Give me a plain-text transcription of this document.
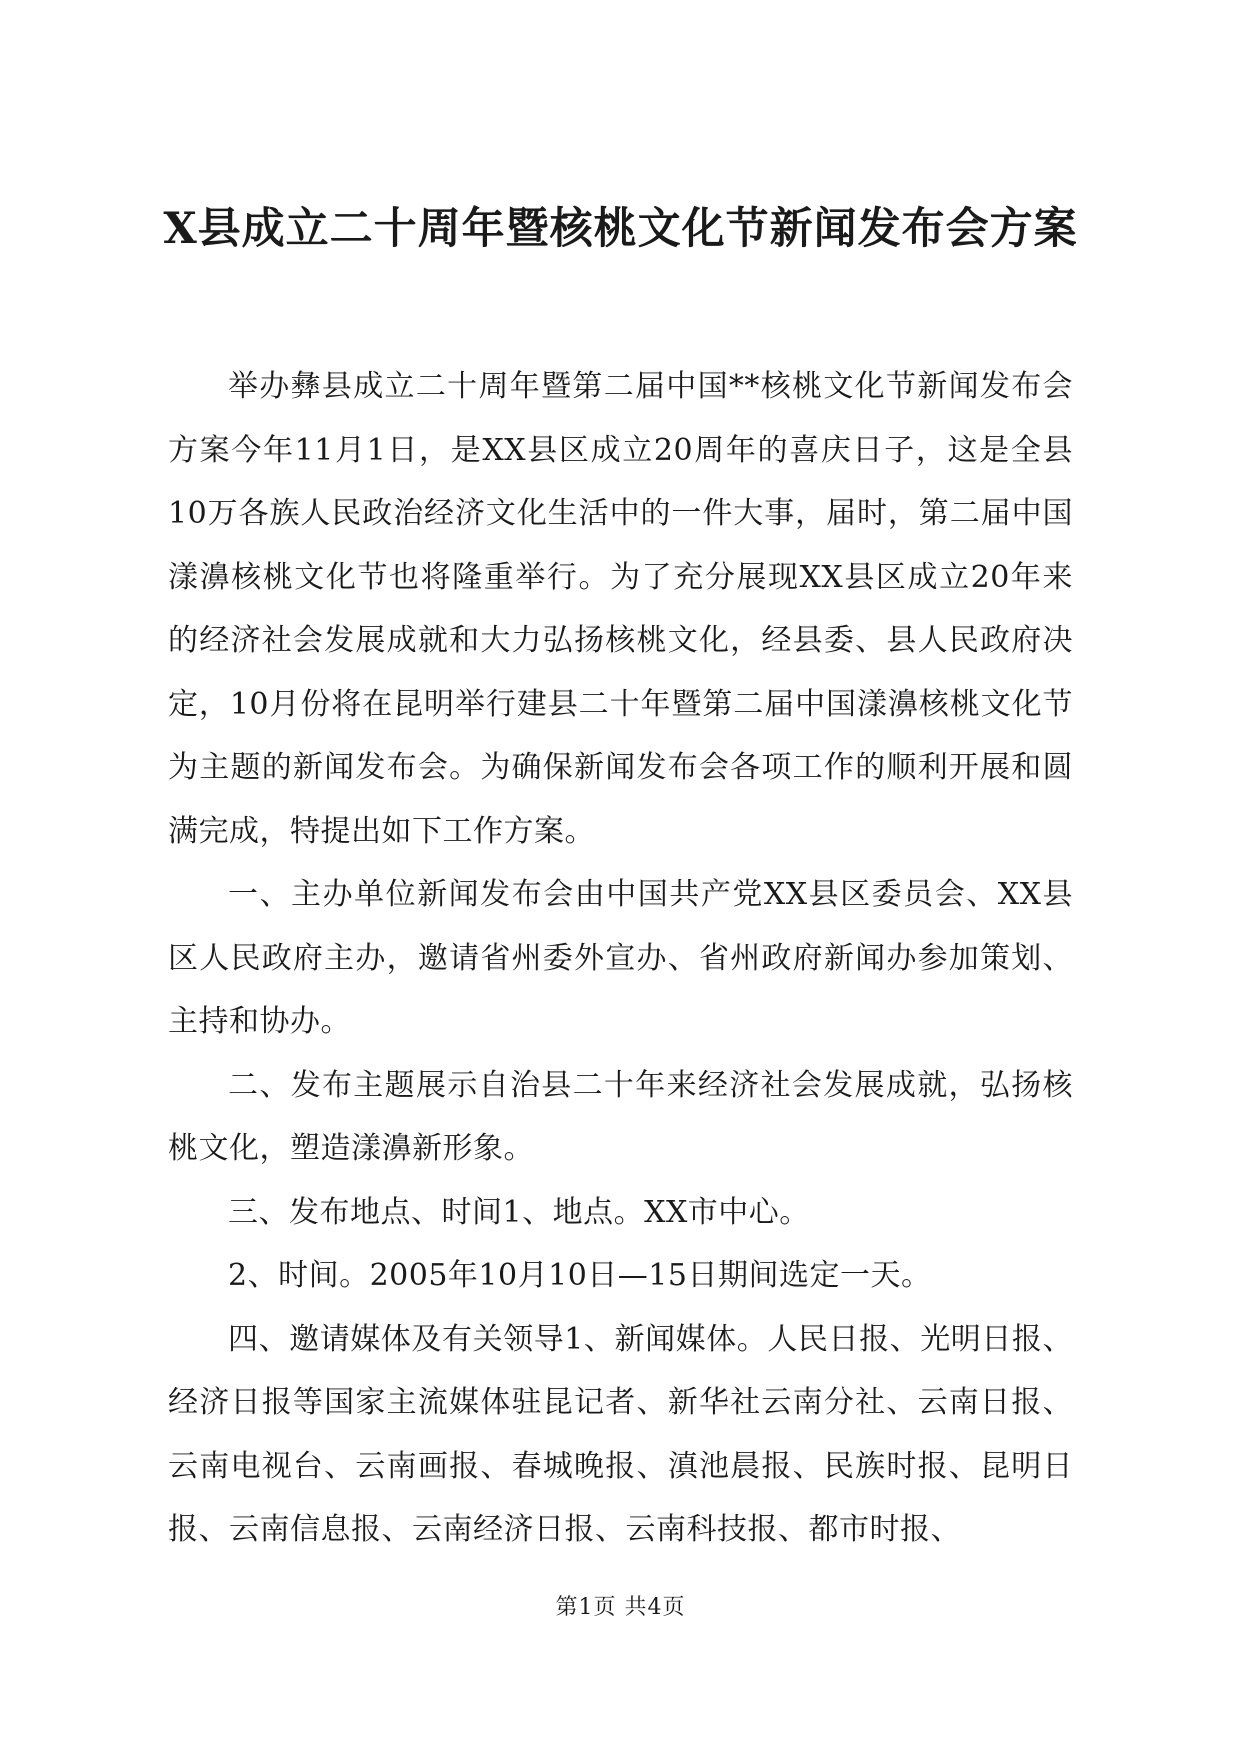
X县成立二十周年暨核桃文化节新闻发布会方案

举办彝县成立二十周年暨第二届中国**核桃文化节新闻发布会方案今年11月1日，是XX县区成立20周年的喜庆日子，这是全县10万各族人民政治经济文化生活中的一件大事，届时，第二届中国漾濞核桃文化节也将隆重举行。为了充分展现XX县区成立20年来的经济社会发展成就和大力弘扬核桃文化，经县委、县人民政府决定，10月份将在昆明举行建县二十年暨第二届中国漾濞核桃文化节为主题的新闻发布会。为确保新闻发布会各项工作的顺利开展和圆满完成，特提出如下工作方案。

一、主办单位新闻发布会由中国共产党XX县区委员会、XX县区人民政府主办，邀请省州委外宣办、省州政府新闻办参加策划、主持和协办。

二、发布主题展示自治县二十年来经济社会发展成就，弘扬核桃文化，塑造漾濞新形象。

三、发布地点、时间1、地点。XX市中心。

2、时间。2005年10月10日—15日期间选定一天。

四、邀请媒体及有关领导1、新闻媒体。人民日报、光明日报、经济日报等国家主流媒体驻昆记者、新华社云南分社、云南日报、云南电视台、云南画报、春城晚报、滇池晨报、民族时报、昆明日报、云南信息报、云南经济日报、云南科技报、都市时报、

第1页 共4页
